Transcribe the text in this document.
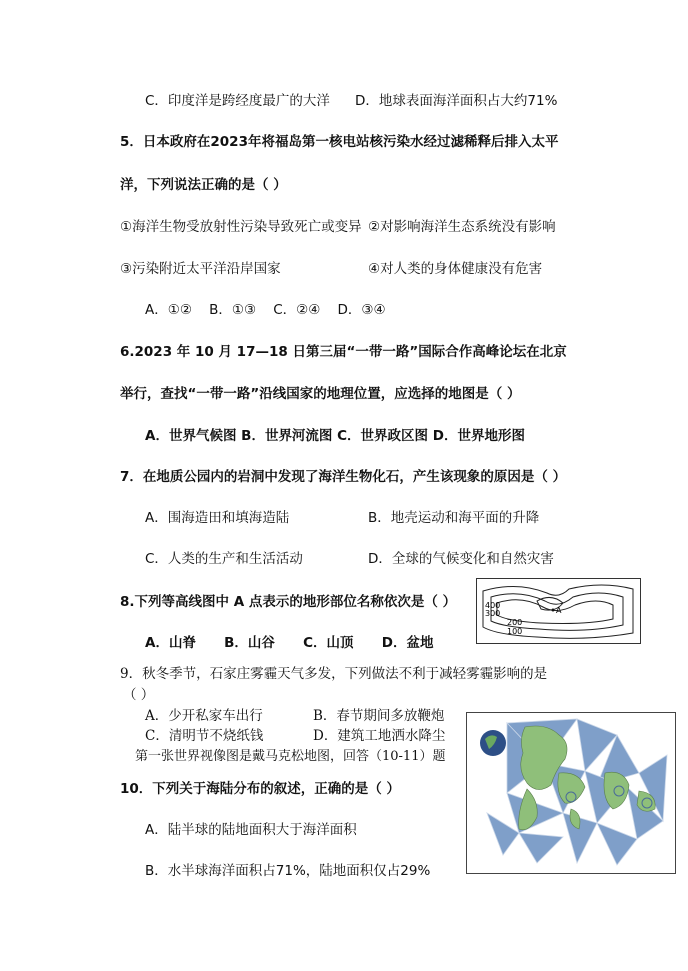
C．印度洋是跨经度最广的大洋 D．地球表面海洋面积占大约71%
5．日本政府在2023年将福岛第一核电站核污染水经过滤稀释后排入太平
洋，下列说法正确的是（ ）
①海洋生物受放射性污染导致死亡或变异 ②对影响海洋生态系统没有影响
③污染附近太平洋沿岸国家	④对人类的身体健康没有危害
A．①②    B．①③    C．②④    D．③④
6.2023 年 10 月 17—18 日第三届“一带一路”国际合作高峰论坛在北京
举行，查找“一带一路”沿线国家的地理位置，应选择的地图是（ ）
A．世界气候图 B．世界河流图 C．世界政区图 D．世界地形图
7．在地质公园内的岩洞中发现了海洋生物化石，产生该现象的原因是（ ）
A．围海造田和填海造陆	B．地壳运动和海平面的升降
C．人类的生产和生活活动	D．全球的气候变化和自然灾害
8.下列等高线图中 A 点表示的地形部位名称依次是（ ）
A．山脊      B．山谷      C．山顶      D．盆地
400
300
200
100
A
9．秋冬季节，石家庄雾霾天气多发，下列做法不利于减轻雾霾影响的是
（ ）
A．少开私家车出行	B．春节期间多放鞭炮
C．清明节不烧纸钱	D．建筑工地洒水降尘
第一张世界视像图是戴马克松地图，回答（10-11）题
10．下列关于海陆分布的叙述，正确的是（ ）
A．陆半球的陆地面积大于海洋面积
B．水半球海洋面积占71%，陆地面积仅占29%
